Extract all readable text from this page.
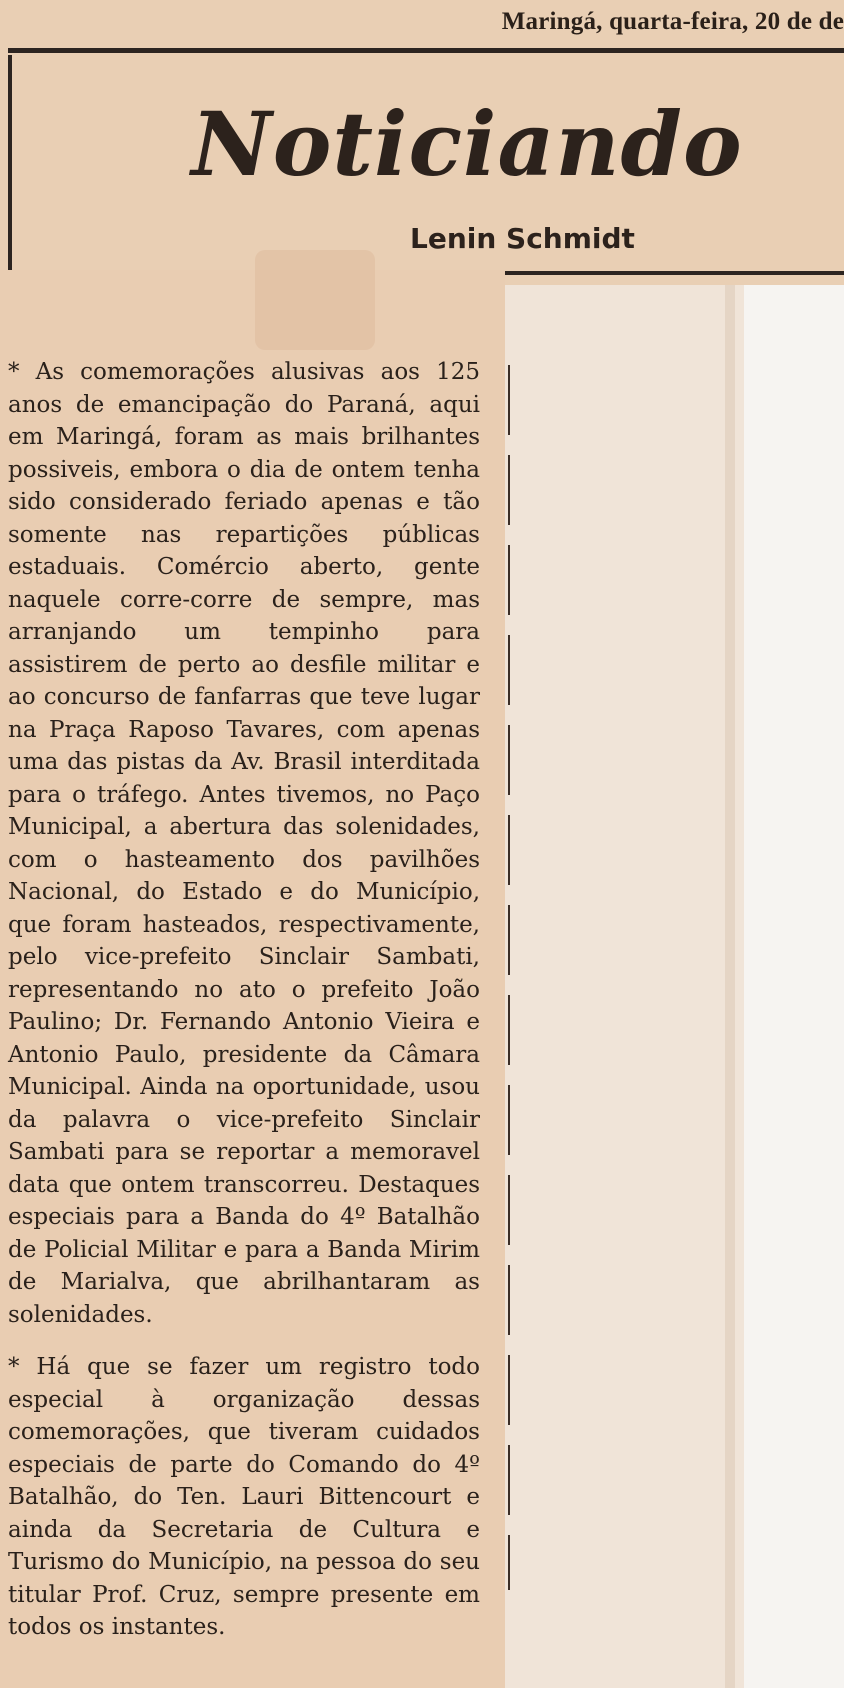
Maringá, quarta-feira, 20 de de
Noticiando
Lenin Schmidt

* As comemorações alusivas aos 125 anos de emancipação do Paraná, aqui em Maringá, foram as mais brilhantes possiveis, embora o dia de ontem tenha sido considerado feriado apenas e tão somente nas repartições públicas estaduais. Comércio aberto, gente naquele corre-corre de sempre, mas arranjando um tempinho para assistirem de perto ao desfile militar e ao concurso de fanfarras que teve lugar na Praça Raposo Tavares, com apenas uma das pistas da Av. Brasil interditada para o tráfego. Antes tivemos, no Paço Municipal, a abertura das solenidades, com o hasteamento dos pavilhões Nacional, do Estado e do Município, que foram hasteados, respectivamente, pelo vice-prefeito Sinclair Sambati, representando no ato o prefeito João Paulino; Dr. Fernando Antonio Vieira e Antonio Paulo, presidente da Câmara Municipal. Ainda na oportunidade, usou da palavra o vice-prefeito Sinclair Sambati para se reportar a memoravel data que ontem transcorreu. Destaques especiais para a Banda do 4º Batalhão de Policial Militar e para a Banda Mirim de Marialva, que abrilhantaram as solenidades.

* Há que se fazer um registro todo especial à organização dessas comemorações, que tiveram cuidados especiais de parte do Comando do 4º Batalhão, do Ten. Lauri Bittencourt e ainda da Secretaria de Cultura e Turismo do Município, na pessoa do seu titular Prof. Cruz, sempre presente em todos os instantes.
